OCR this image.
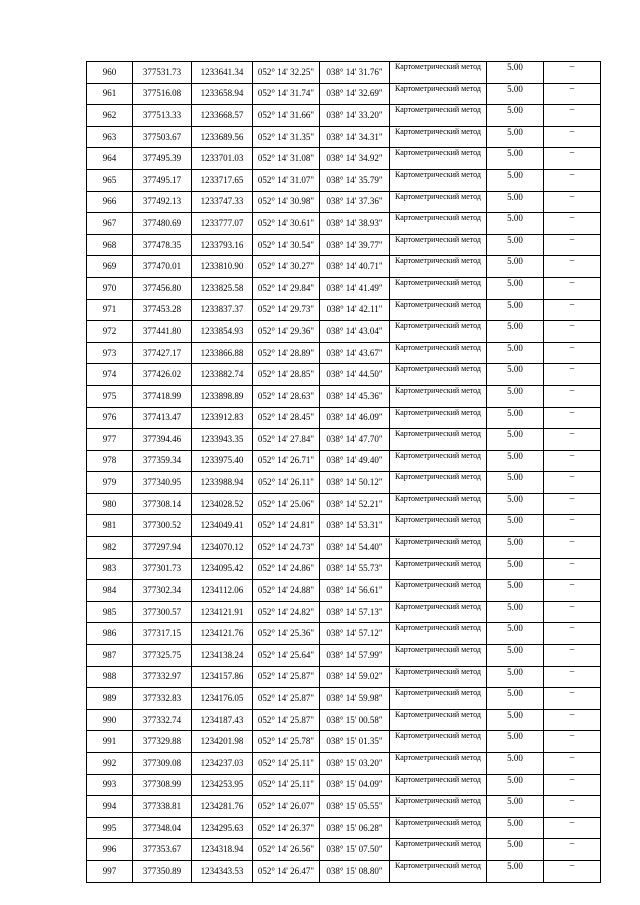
960	377531.73	1233641.34	052° 14' 32.25"	038° 14' 31.76"	Картометрический метод	5.00	–
961	377516.08	1233658.94	052° 14' 31.74"	038° 14' 32.69"	Картометрический метод	5.00	–
962	377513.33	1233668.57	052° 14' 31.66"	038° 14' 33.20"	Картометрический метод	5.00	–
963	377503.67	1233689.56	052° 14' 31.35"	038° 14' 34.31"	Картометрический метод	5.00	–
964	377495.39	1233701.03	052° 14' 31.08"	038° 14' 34.92"	Картометрический метод	5.00	–
965	377495.17	1233717.65	052° 14' 31.07"	038° 14' 35.79"	Картометрический метод	5.00	–
966	377492.13	1233747.33	052° 14' 30.98"	038° 14' 37.36"	Картометрический метод	5.00	–
967	377480.69	1233777.07	052° 14' 30.61"	038° 14' 38.93"	Картометрический метод	5.00	–
968	377478.35	1233793.16	052° 14' 30.54"	038° 14' 39.77"	Картометрический метод	5.00	–
969	377470.01	1233810.90	052° 14' 30.27"	038° 14' 40.71"	Картометрический метод	5.00	–
970	377456.80	1233825.58	052° 14' 29.84"	038° 14' 41.49"	Картометрический метод	5.00	–
971	377453.28	1233837.37	052° 14' 29.73"	038° 14' 42.11"	Картометрический метод	5.00	–
972	377441.80	1233854.93	052° 14' 29.36"	038° 14' 43.04"	Картометрический метод	5.00	–
973	377427.17	1233866.88	052° 14' 28.89"	038° 14' 43.67"	Картометрический метод	5.00	–
974	377426.02	1233882.74	052° 14' 28.85"	038° 14' 44.50"	Картометрический метод	5.00	–
975	377418.99	1233898.89	052° 14' 28.63"	038° 14' 45.36"	Картометрический метод	5.00	–
976	377413.47	1233912.83	052° 14' 28.45"	038° 14' 46.09"	Картометрический метод	5.00	–
977	377394.46	1233943.35	052° 14' 27.84"	038° 14' 47.70"	Картометрический метод	5.00	–
978	377359.34	1233975.40	052° 14' 26.71"	038° 14' 49.40"	Картометрический метод	5.00	–
979	377340.95	1233988.94	052° 14' 26.11"	038° 14' 50.12"	Картометрический метод	5.00	–
980	377308.14	1234028.52	052° 14' 25.06"	038° 14' 52.21"	Картометрический метод	5.00	–
981	377300.52	1234049.41	052° 14' 24.81"	038° 14' 53.31"	Картометрический метод	5.00	–
982	377297.94	1234070.12	052° 14' 24.73"	038° 14' 54.40"	Картометрический метод	5.00	–
983	377301.73	1234095.42	052° 14' 24.86"	038° 14' 55.73"	Картометрический метод	5.00	–
984	377302.34	1234112.06	052° 14' 24.88"	038° 14' 56.61"	Картометрический метод	5.00	–
985	377300.57	1234121.91	052° 14' 24.82"	038° 14' 57.13"	Картометрический метод	5.00	–
986	377317.15	1234121.76	052° 14' 25.36"	038° 14' 57.12"	Картометрический метод	5.00	–
987	377325.75	1234138.24	052° 14' 25.64"	038° 14' 57.99"	Картометрический метод	5.00	–
988	377332.97	1234157.86	052° 14' 25.87"	038° 14' 59.02"	Картометрический метод	5.00	–
989	377332.83	1234176.05	052° 14' 25.87"	038° 14' 59.98"	Картометрический метод	5.00	–
990	377332.74	1234187.43	052° 14' 25.87"	038° 15' 00.58"	Картометрический метод	5.00	–
991	377329.88	1234201.98	052° 14' 25.78"	038° 15' 01.35"	Картометрический метод	5.00	–
992	377309.08	1234237.03	052° 14' 25.11"	038° 15' 03.20"	Картометрический метод	5.00	–
993	377308.99	1234253.95	052° 14' 25.11"	038° 15' 04.09"	Картометрический метод	5.00	–
994	377338.81	1234281.76	052° 14' 26.07"	038° 15' 05.55"	Картометрический метод	5.00	–
995	377348.04	1234295.63	052° 14' 26.37"	038° 15' 06.28"	Картометрический метод	5.00	–
996	377353.67	1234318.94	052° 14' 26.56"	038° 15' 07.50"	Картометрический метод	5.00	–
997	377350.89	1234343.53	052° 14' 26.47"	038° 15' 08.80"	Картометрический метод	5.00	–
